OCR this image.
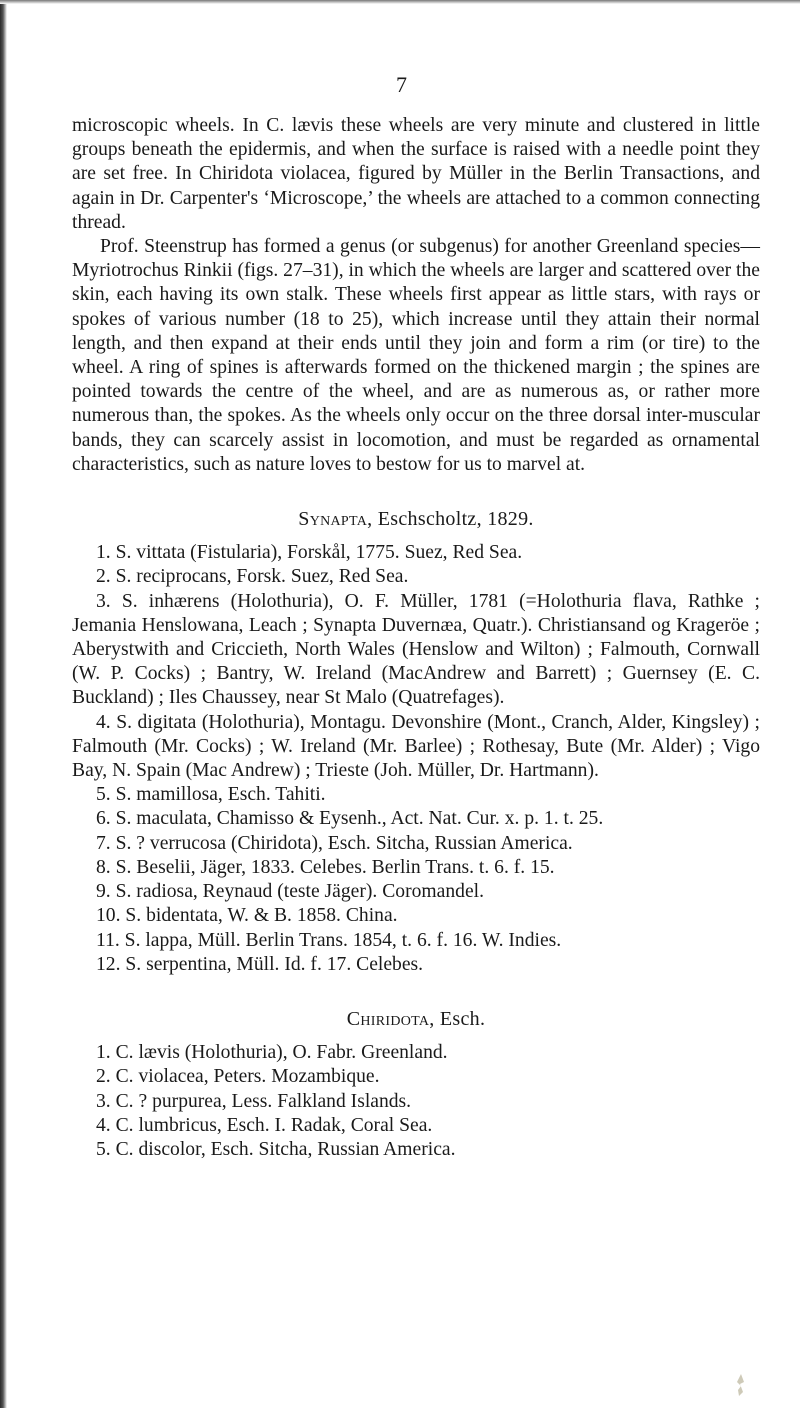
7

microscopic wheels. In C. lævis these wheels are very minute and clustered in little groups beneath the epidermis, and when the surface is raised with a needle point they are set free. In Chiridota violacea, figured by Müller in the Berlin Transactions, and again in Dr. Carpenter's ‘Microscope,’ the wheels are attached to a common connecting thread.

Prof. Steenstrup has formed a genus (or subgenus) for another Greenland species—Myriotrochus Rinkii (figs. 27–31), in which the wheels are larger and scattered over the skin, each having its own stalk. These wheels first appear as little stars, with rays or spokes of various number (18 to 25), which increase until they attain their normal length, and then expand at their ends until they join and form a rim (or tire) to the wheel. A ring of spines is afterwards formed on the thickened margin ; the spines are pointed towards the centre of the wheel, and are as numerous as, or rather more numerous than, the spokes. As the wheels only occur on the three dorsal inter-muscular bands, they can scarcely assist in locomotion, and must be regarded as ornamental characteristics, such as nature loves to bestow for us to marvel at.

Synapta, Eschscholtz, 1829.
1. S. vittata (Fistularia), Forskål, 1775. Suez, Red Sea.
2. S. reciprocans, Forsk. Suez, Red Sea.
3. S. inhærens (Holothuria), O. F. Müller, 1781 (=Holothuria flava, Rathke ; Jemania Henslowana, Leach ; Synapta Duvernæa, Quatr.). Christiansand og Krageröe ; Aberystwith and Criccieth, North Wales (Henslow and Wilton) ; Falmouth, Cornwall (W. P. Cocks) ; Bantry, W. Ireland (MacAndrew and Barrett) ; Guernsey (E. C. Buckland) ; Iles Chaussey, near St Malo (Quatrefages).
4. S. digitata (Holothuria), Montagu. Devonshire (Mont., Cranch, Alder, Kingsley) ; Falmouth (Mr. Cocks) ; W. Ireland (Mr. Barlee) ; Rothesay, Bute (Mr. Alder) ; Vigo Bay, N. Spain (Mac Andrew) ; Trieste (Joh. Müller, Dr. Hartmann).
5. S. mamillosa, Esch. Tahiti.
6. S. maculata, Chamisso & Eysenh., Act. Nat. Cur. x. p. 1. t. 25.
7. S. ? verrucosa (Chiridota), Esch. Sitcha, Russian America.
8. S. Beselii, Jäger, 1833. Celebes. Berlin Trans. t. 6. f. 15.
9. S. radiosa, Reynaud (teste Jäger). Coromandel.
10. S. bidentata, W. & B. 1858. China.
11. S. lappa, Müll. Berlin Trans. 1854, t. 6. f. 16. W. Indies.
12. S. serpentina, Müll. Id. f. 17. Celebes.
Chiridota, Esch.
1. C. lævis (Holothuria), O. Fabr. Greenland.
2. C. violacea, Peters. Mozambique.
3. C. ? purpurea, Less. Falkland Islands.
4. C. lumbricus, Esch. I. Radak, Coral Sea.
5. C. discolor, Esch. Sitcha, Russian America.
